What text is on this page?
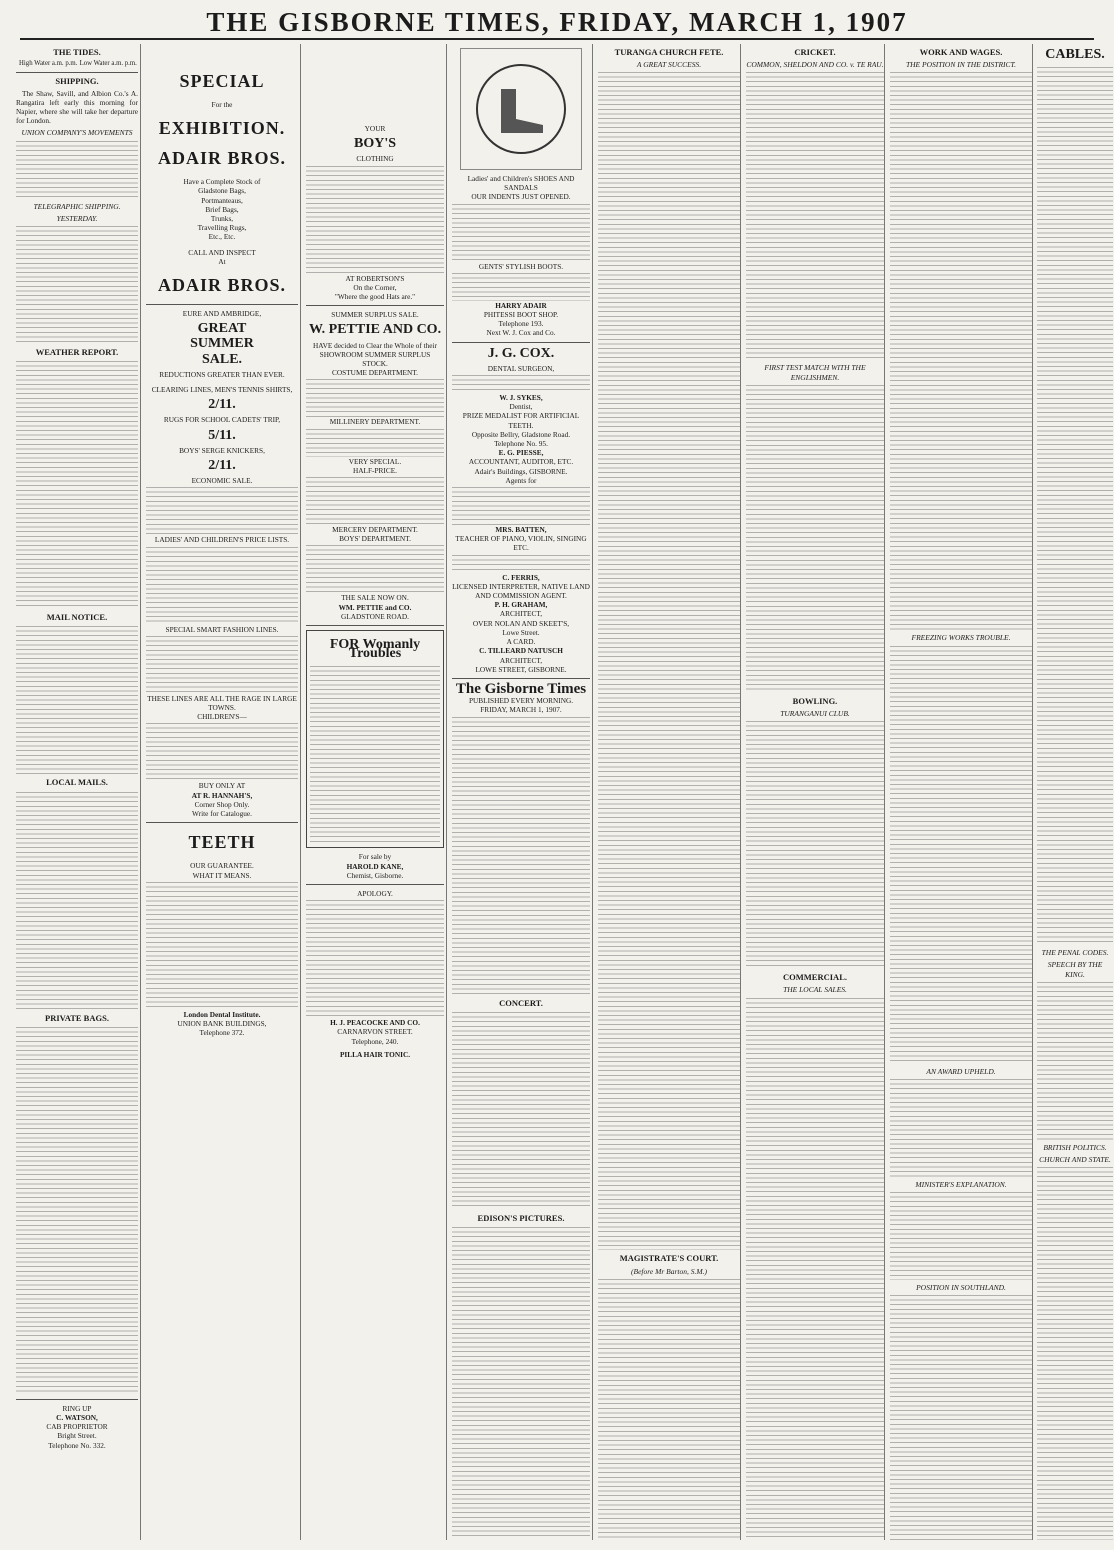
THE GISBORNE TIMES, FRIDAY, MARCH 1, 1907
THE TIDES.
	High Water a.m. p.m.	Low Water a.m. p.m.
SHIPPING.

The Shaw, Savill, and Albion Co.'s A. Rangatira left early this morning for Napier, where she will take her departure for London.

UNION COMPANY'S MOVEMENTS
TELEGRAPHIC SHIPPING.
YESTERDAY.
WEATHER REPORT.
MAIL NOTICE.
LOCAL MAILS.
PRIVATE BAGS.
RING UP
C. WATSON,
CAB PROPRIETOR
Bright Street.
Telephone No. 332.
SPECIAL
For the
EXHIBITION.
ADAIR BROS.
Have a Complete Stock of
Gladstone Bags,
Portmanteaus,
Brief Bags,
Trunks,
Travelling Rugs,
Etc., Etc.
CALL AND INSPECT
At
ADAIR BROS.
EURE AND AMBRIDGE,
GREAT
SUMMER
SALE.
REDUCTIONS GREATER THAN EVER.
CLEARING LINES, MEN'S TENNIS SHIRTS,
2/11.
RUGS FOR SCHOOL CADETS' TRIP,
5/11.
BOYS' SERGE KNICKERS,
2/11.
ECONOMIC SALE.
LADIES' AND CHILDREN'S PRICE LISTS.
SPECIAL SMART FASHION LINES.
THESE LINES ARE ALL THE RAGE IN LARGE TOWNS.
CHILDREN'S—
BUY ONLY AT
AT R. HANNAH'S,
Corner Shop Only.
Write for Catalogue.
TEETH
OUR GUARANTEE.
WHAT IT MEANS.
London Dental Institute.
UNION BANK BUILDINGS,
Telephone 372.
YOUR
BOY'S
CLOTHING
AT ROBERTSON'S
On the Corner,
"Where the good Hats are."
SUMMER SURPLUS SALE.
W. PETTIE AND CO.
HAVE decided to Clear the Whole of their SHOWROOM SUMMER SURPLUS STOCK.
COSTUME DEPARTMENT.
MILLINERY DEPARTMENT.
VERY SPECIAL.
HALF-PRICE.
MERCERY DEPARTMENT.
BOYS' DEPARTMENT.
THE SALE NOW ON.
WM. PETTIE and CO.
GLADSTONE ROAD.
FOR Womanly Troubles
For sale by
HAROLD KANE,
Chemist, Gisborne.
APOLOGY.
H. J. PEACOCKE AND CO.
CARNARVON STREET.
Telephone, 240.
PILLA HAIR TONIC.
Ladies' and Children's SHOES AND SANDALS
OUR INDENTS JUST OPENED.
GENTS' STYLISH BOOTS.
HARRY ADAIR
PHITESSI BOOT SHOP.
Telephone 193.
Next W. J. Cox and Co.
J. G. COX.
DENTAL SURGEON,
W. J. SYKES,
Dentist,
PRIZE MEDALIST FOR ARTIFICIAL TEETH.
Opposite Bellry, Gladstone Road.
Telephone No. 95.
E. G. PIESSE,
ACCOUNTANT, AUDITOR, ETC.
Adair's Buildings, GISBORNE.
Agents for
MRS. BATTEN,
TEACHER OF PIANO, VIOLIN, SINGING ETC.
C. FERRIS,
LICENSED INTERPRETER, NATIVE LAND AND COMMISSION AGENT.
P. H. GRAHAM,
ARCHITECT,
OVER NOLAN AND SKEET'S,
Lowe Street.
A CARD.
C. TILLEARD NATUSCH
ARCHITECT,
LOWE STREET, GISBORNE.
The Gisborne Times
PUBLISHED EVERY MORNING.
FRIDAY, MARCH 1, 1907.
CONCERT.
EDISON'S PICTURES.
TURANGA CHURCH FETE.
A GREAT SUCCESS.
MAGISTRATE'S COURT.
(Before Mr Barton, S.M.)
CRICKET.
COMMON, SHELDON AND CO. v. TE RAU.
FIRST TEST MATCH WITH THE ENGLISHMEN.
BOWLING.
TURANGANUI CLUB.
COMMERCIAL.
THE LOCAL SALES.
WORK AND WAGES.
THE POSITION IN THE DISTRICT.
FREEZING WORKS TROUBLE.
AN AWARD UPHELD.
MINISTER'S EXPLANATION.
POSITION IN SOUTHLAND.
CABLES.
THE PENAL CODES.
SPEECH BY THE KING.
BRITISH POLITICS.
CHURCH AND STATE.
